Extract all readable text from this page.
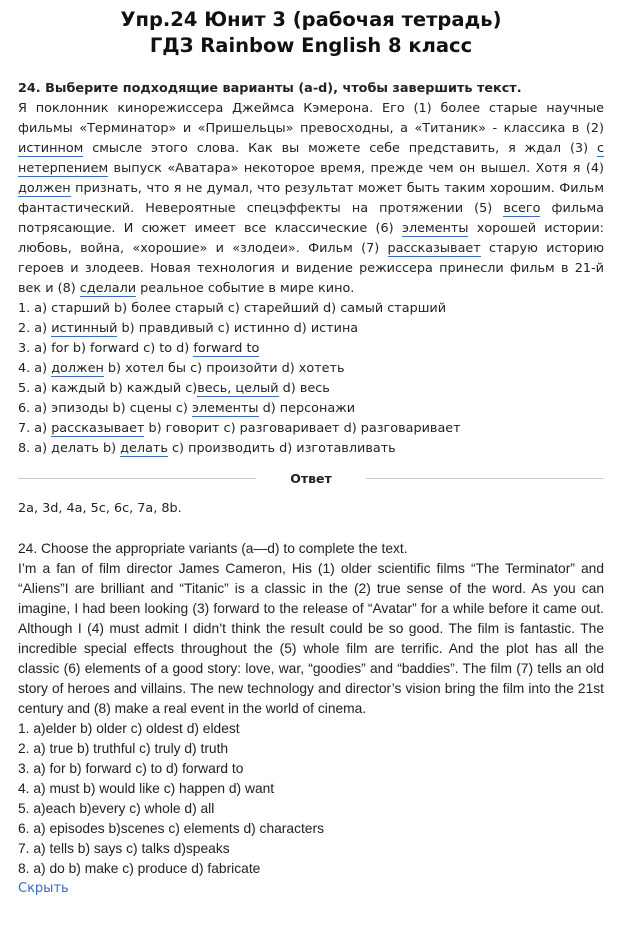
Упр.24 Юнит 3 (рабочая тетрадь)
ГДЗ Rainbow English 8 класс
24. Выберите подходящие варианты (a-d), чтобы завершить текст.
Я поклонник кинорежиссера Джеймса Кэмерона. Его (1) более старые научные фильмы «Терминатор» и «Пришельцы» превосходны, а «Титаник» - классика в (2) истинном смысле этого слова. Как вы можете себе представить, я ждал (3) с нетерпением выпуск «Аватара» некоторое время, прежде чем он вышел. Хотя я (4) должен признать, что я не думал, что результат может быть таким хорошим. Фильм фантастический. Невероятные спецэффекты на протяжении (5) всего фильма потрясающие. И сюжет имеет все классические (6) элементы хорошей истории: любовь, война, «хорошие» и «злодеи». Фильм (7) рассказывает старую историю героев и злодеев. Новая технология и видение режиссера принесли фильм в 21-й век и (8) сделали реальное событие в мире кино.
1. a) старший b) более старый c) старейший d) самый старший
2. a) истинный b) правдивый c) истинно d) истина
3. a) for b) forward c) to d) forward to
4. a) должен b) хотел бы c) произойти d) хотеть
5. a) каждый b) каждый c)весь, целый d) весь
6. a) эпизоды b) сцены c) элементы d) персонажи
7. a) рассказывает b) говорит c) разговаривает d) разговаривает
8. a) делать b) делать c) производить d) изготавливать
Ответ
2a, 3d, 4a, 5c, 6c, 7a, 8b.
24. Choose the appropriate variants (a—d) to complete the text.
I’m a fan of film director James Cameron, His (1) older scientific films “The Terminator” and “Aliens”I are brilliant and “Titanic” is a classic in the (2) true sense of the word. As you can imagine, I had been looking (3) forward to the release of “Avatar” for a while before it came out. Although I (4) must admit I didn’t think the result could be so good. The film is fantastic. The incredible special effects throughout the (5) whole film are terrific. And the plot has all the classic (6) elements of a good story: love, war, “goodies” and “baddies”. The film (7) tells an old story of heroes and villains. The new technology and director’s vision bring the film into the 21st century and (8) make a real event in the world of cinema.
1. a)elder b) older c) oldest d) eldest
2. a) true b) truthful c) truly d) truth
3. a) for b) forward c) to d) forward to
4. a) must b) would like c) happen d) want
5. a)each b)every c) whole d) all
6. a) episodes b)scenes c) elements d) characters
7. a) tells b) says c) talks d)speaks
8. a) do b) make c) produce d) fabricate
Скрыть
